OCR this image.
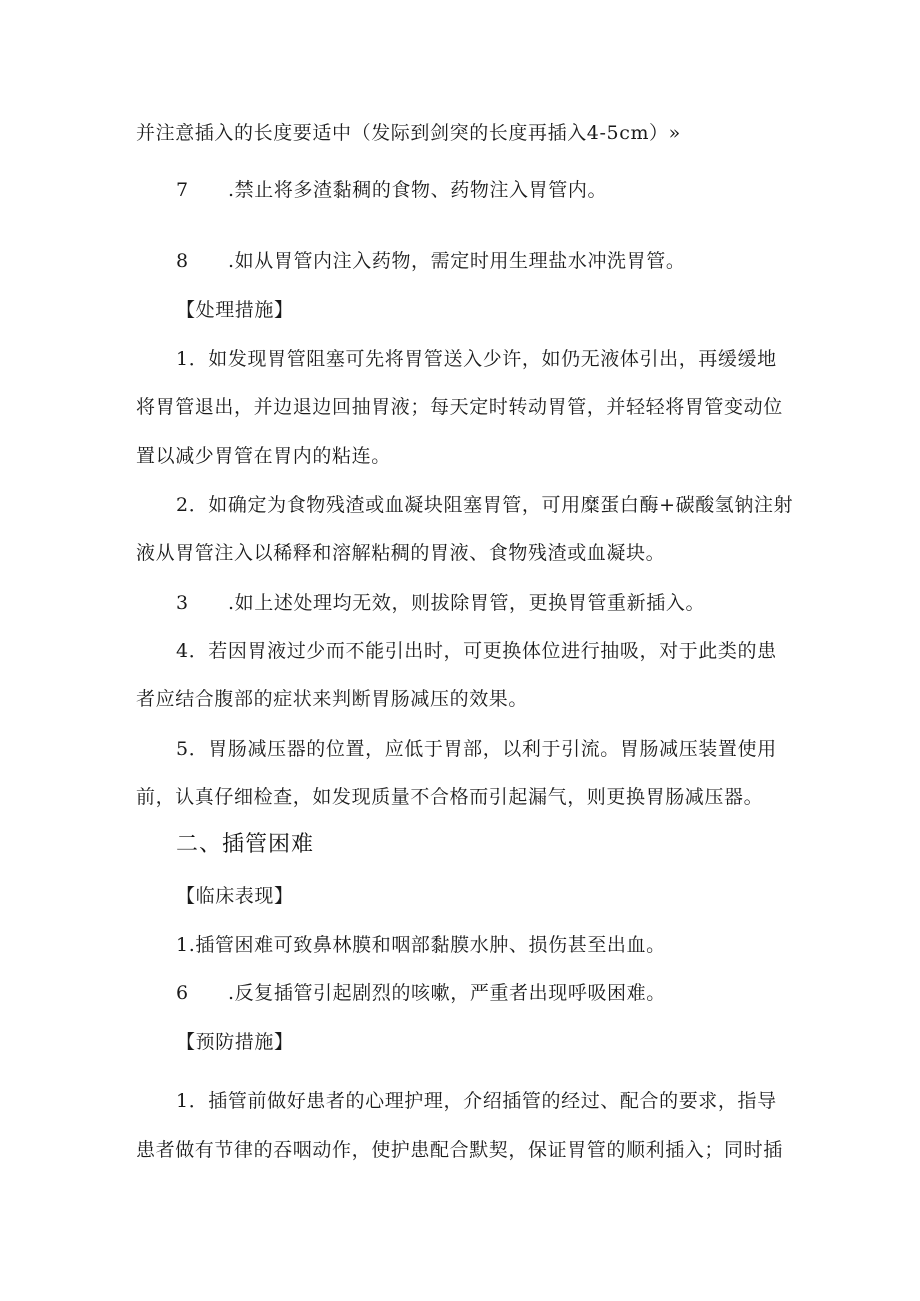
并注意插入的长度要适中（发际到剑突的长度再插入4-5cm）»
7 .禁止将多渣黏稠的食物、药物注入胃管内。
8 .如从胃管内注入药物，需定时用生理盐水冲洗胃管。
【处理措施】
1．如发现胃管阻塞可先将胃管送入少许，如仍无液体引出，再缓缓地
将胃管退出，并边退边回抽胃液；每天定时转动胃管，并轻轻将胃管变动位
置以减少胃管在胃内的粘连。
2．如确定为食物残渣或血凝块阻塞胃管，可用糜蛋白酶+碳酸氢钠注射
液从胃管注入以稀释和溶解粘稠的胃液、食物残渣或血凝块。
3 .如上述处理均无效，则拔除胃管，更换胃管重新插入。
4．若因胃液过少而不能引出时，可更换体位进行抽吸，对于此类的患
者应结合腹部的症状来判断胃肠减压的效果。
5．胃肠减压器的位置，应低于胃部，以利于引流。胃肠减压装置使用
前，认真仔细检查，如发现质量不合格而引起漏气，则更换胃肠减压器。
二、插管困难
【临床表现】
1.插管困难可致鼻林膜和咽部黏膜水肿、损伤甚至出血。
6 .反复插管引起剧烈的咳嗽，严重者出现呼吸困难。
【预防措施】
1．插管前做好患者的心理护理，介绍插管的经过、配合的要求，指导
患者做有节律的吞咽动作，使护患配合默契，保证胃管的顺利插入；同时插
